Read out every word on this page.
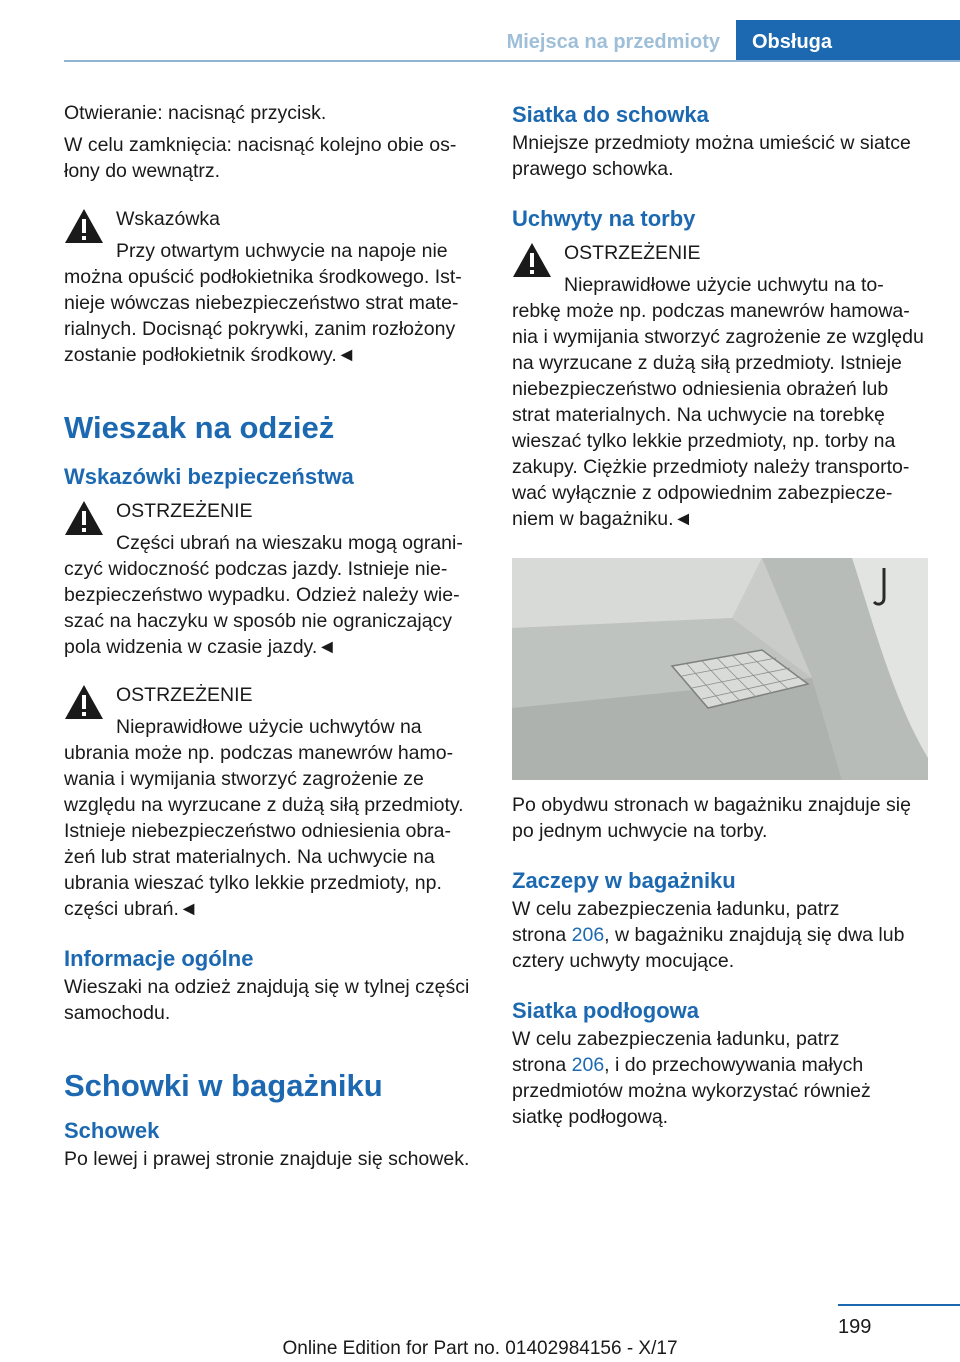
Miejsca na przedmioty	Obsługa

Otwieranie: nacisnąć przycisk.

W celu zamknięcia: nacisnąć kolejno obie os-

łony do wewnątrz.

Wskazówka

Przy otwartym uchwycie na napoje nie

można opuścić podłokietnika środkowego. Ist-

nieje wówczas niebezpieczeństwo strat mate-

rialnych. Docisnąć pokrywki, zanim rozłożony

zostanie podłokietnik środkowy.◄

Wieszak na odzież
Wskazówki bezpieczeństwa

OSTRZEŻENIE

Części ubrań na wieszaku mogą ograni-

czyć widoczność podczas jazdy. Istnieje nie-

bezpieczeństwo wypadku. Odzież należy wie-

szać na haczyku w sposób nie ograniczający

pola widzenia w czasie jazdy.◄

OSTRZEŻENIE

Nieprawidłowe użycie uchwytów na

ubrania może np. podczas manewrów hamo-

wania i wymijania stworzyć zagrożenie ze

względu na wyrzucane z dużą siłą przedmioty.

Istnieje niebezpieczeństwo odniesienia obra-

żeń lub strat materialnych. Na uchwycie na

ubrania wieszać tylko lekkie przedmioty, np.

części ubrań.◄

Informacje ogólne

Wieszaki na odzież znajdują się w tylnej części

samochodu.

Schowki w bagażniku
Schowek

Po lewej i prawej stronie znajduje się schowek.

Siatka do schowka

Mniejsze przedmioty można umieścić w siatce

prawego schowka.

Uchwyty na torby

OSTRZEŻENIE

Nieprawidłowe użycie uchwytu na to-

rebkę może np. podczas manewrów hamowa-

nia i wymijania stworzyć zagrożenie ze względu

na wyrzucane z dużą siłą przedmioty. Istnieje

niebezpieczeństwo odniesienia obrażeń lub

strat materialnych. Na uchwycie na torebkę

wieszać tylko lekkie przedmioty, np. torby na

zakupy. Ciężkie przedmioty należy transporto-

wać wyłącznie z odpowiednim zabezpiecze-

niem w bagażniku.◄

Po obydwu stronach w bagażniku znajduje się

po jednym uchwycie na torby.

Zaczepy w bagażniku

W celu zabezpieczenia ładunku, patrz

strona 206, w bagażniku znajdują się dwa lub

cztery uchwyty mocujące.

Siatka podłogowa

W celu zabezpieczenia ładunku, patrz

strona 206, i do przechowywania małych

przedmiotów można wykorzystać również

siatkę podłogową.

199
Online Edition for Part no. 01402984156 - X/17
